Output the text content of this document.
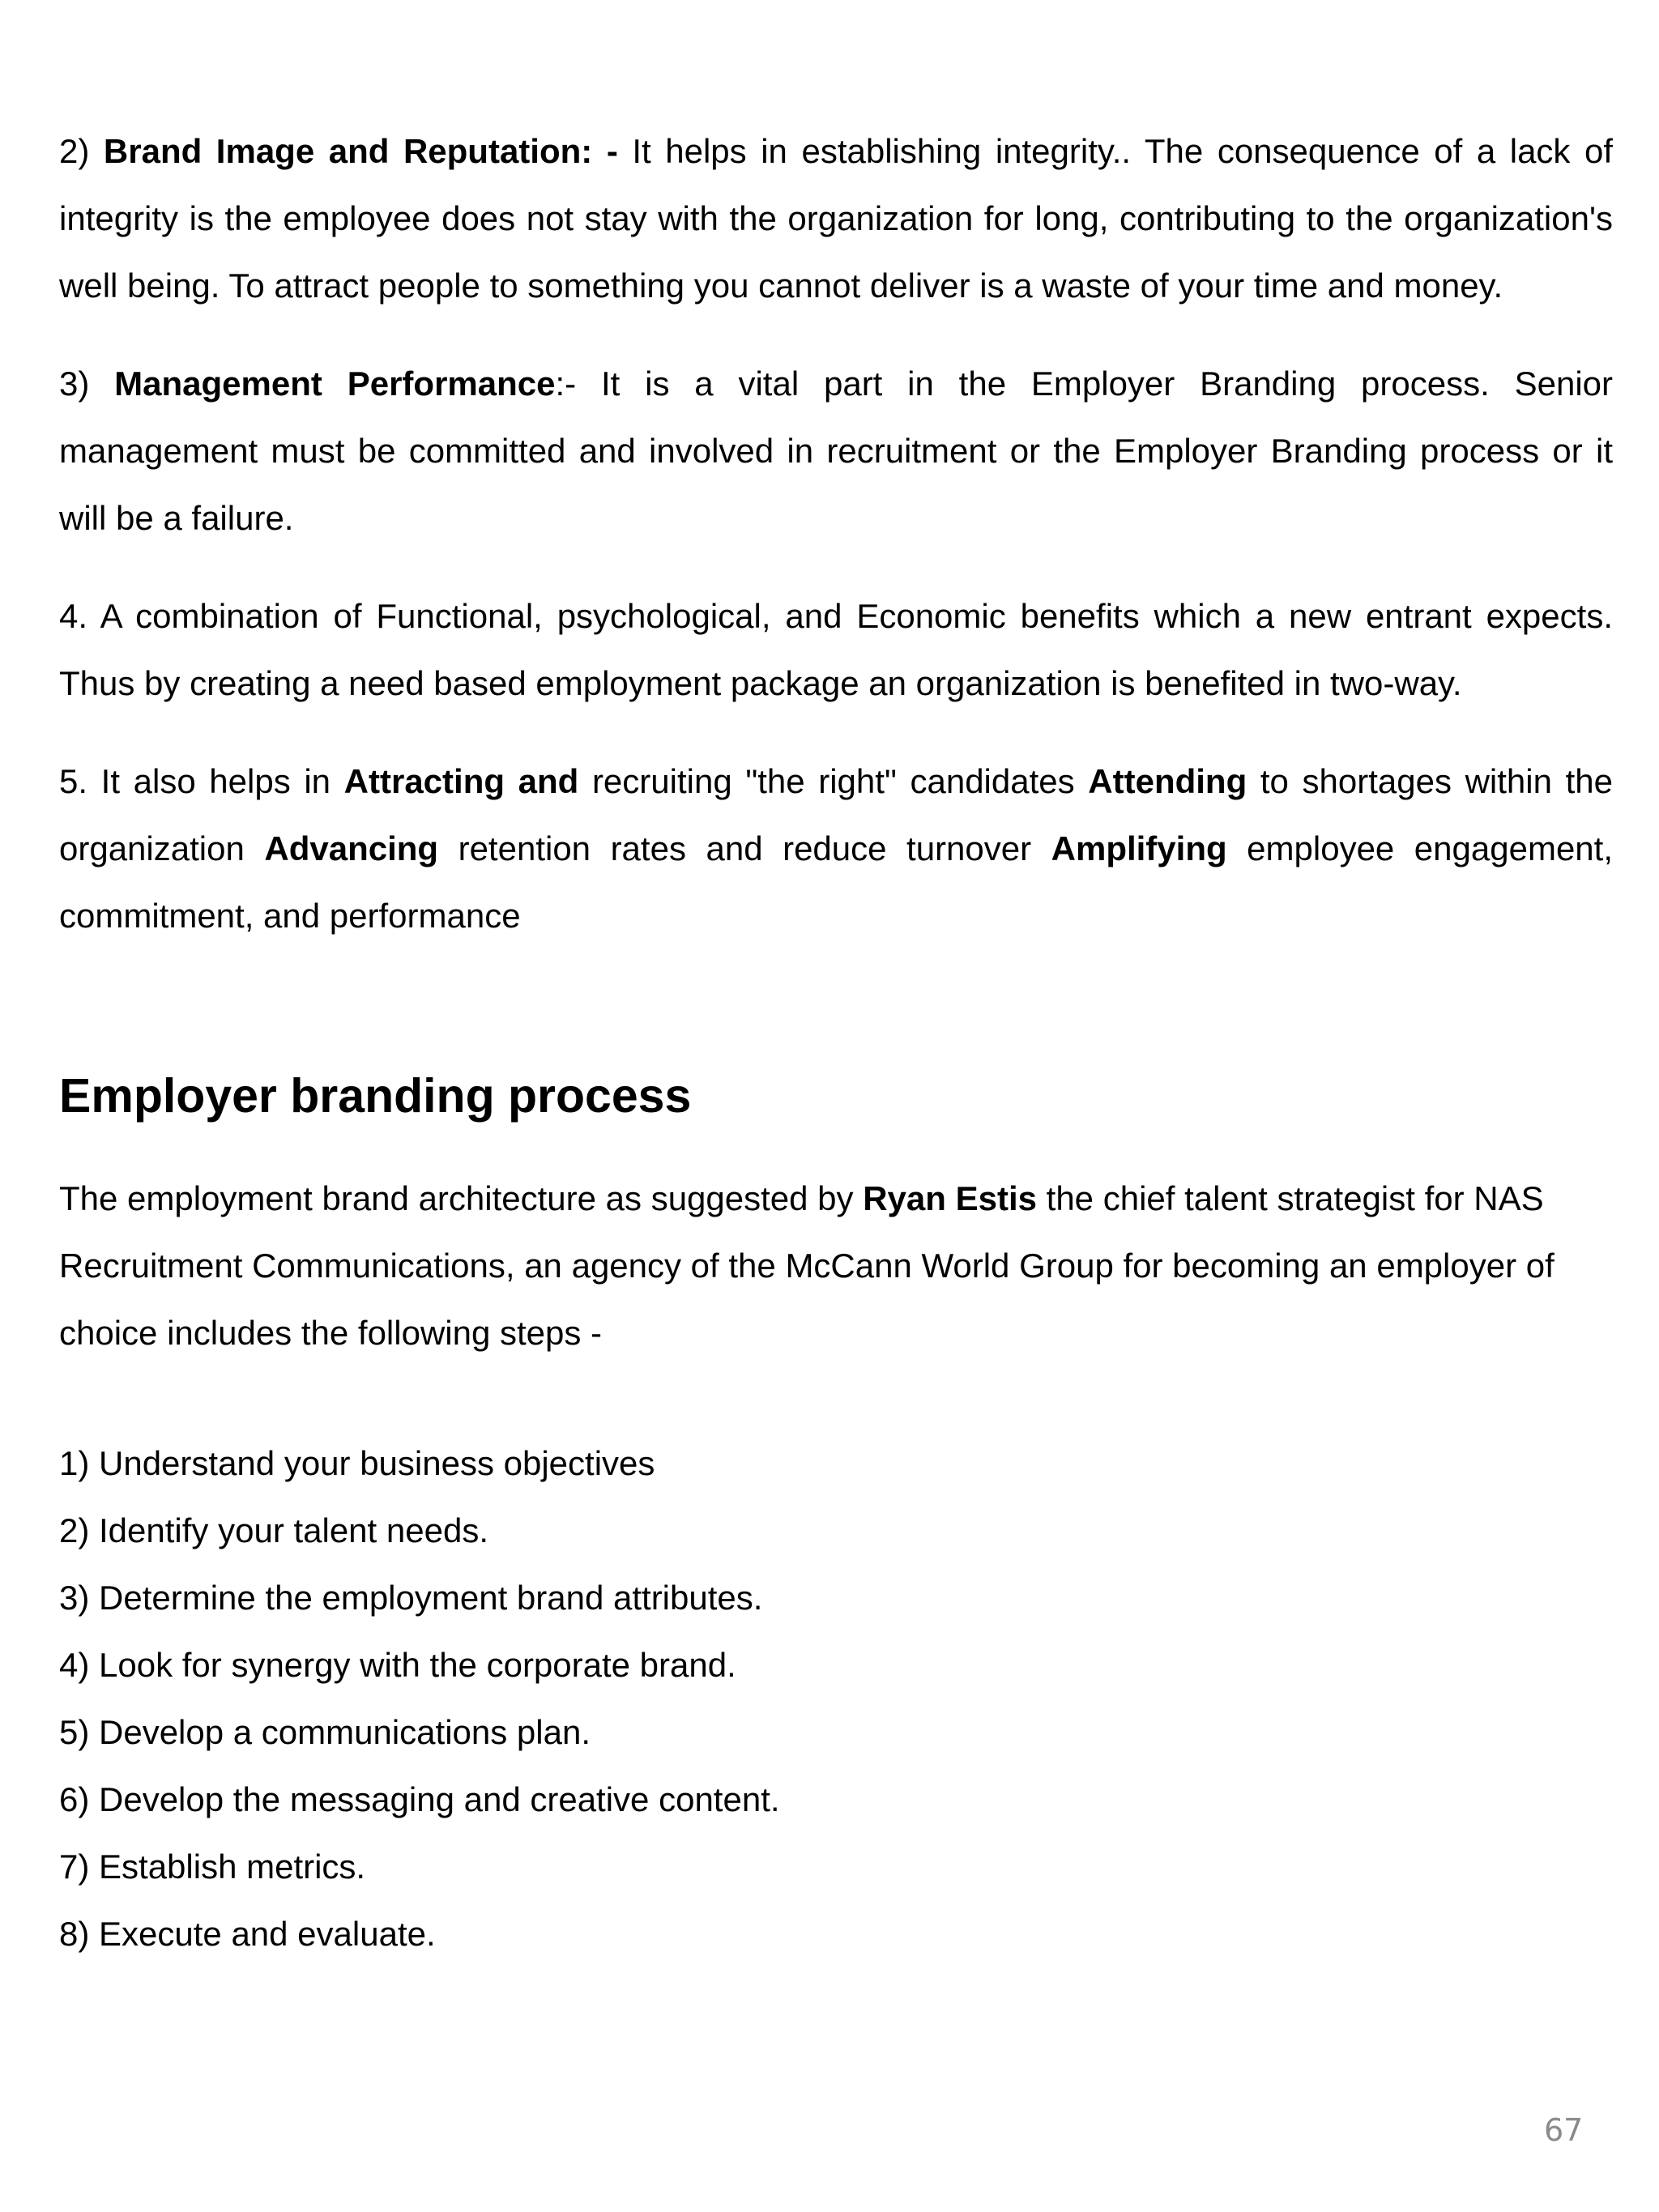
2) Brand Image and Reputation: - It helps in establishing integrity.. The consequence of a lack of integrity is the employee does not stay with the organization for long, contributing to the organization's well being. To attract people to something you cannot deliver is a waste of your time and money.

3) Management Performance:- It is a vital part in the Employer Branding process. Senior management must be committed and involved in recruitment or the Employer Branding process or it will be a failure.

4. A combination of Functional, psychological, and Economic benefits which a new entrant expects. Thus by creating a need based employment package an organization is benefited in two-way.

5. It also helps in Attracting and recruiting "the right" candidates Attending to shortages within the organization Advancing retention rates and reduce turnover Amplifying employee engagement, commitment, and performance

Employer branding process

The employment brand architecture as suggested by Ryan Estis the chief talent strategist for NAS Recruitment Communications, an agency of the McCann World Group for becoming an employer of choice includes the following steps -

1) Understand your business objectives
2) Identify your talent needs.
3) Determine the employment brand attributes.
4) Look for synergy with the corporate brand.
5) Develop a communications plan.
6) Develop the messaging and creative content.
7) Establish metrics.
8) Execute and evaluate.
67
